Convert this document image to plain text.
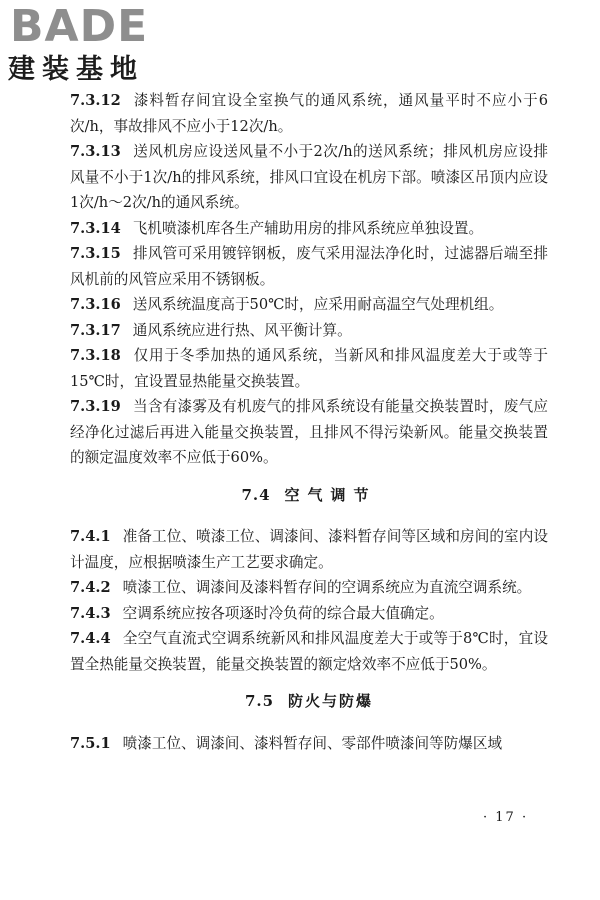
BADE
建装基地

7.3.12 漆料暂存间宜设全室换气的通风系统，通风量平时不应小于6次/h，事故排风不应小于12次/h。

7.3.13 送风机房应设送风量不小于2次/h的送风系统；排风机房应设排风量不小于1次/h的排风系统，排风口宜设在机房下部。喷漆区吊顶内应设1次/h～2次/h的通风系统。

7.3.14 飞机喷漆机库各生产辅助用房的排风系统应单独设置。

7.3.15 排风管可采用镀锌钢板，废气采用湿法净化时，过滤器后端至排风机前的风管应采用不锈钢板。

7.3.16 送风系统温度高于50℃时，应采用耐高温空气处理机组。

7.3.17 通风系统应进行热、风平衡计算。

7.3.18 仅用于冬季加热的通风系统，当新风和排风温度差大于或等于15℃时，宜设置显热能量交换装置。

7.3.19 当含有漆雾及有机废气的排风系统设有能量交换装置时，废气应经净化过滤后再进入能量交换装置，且排风不得污染新风。能量交换装置的额定温度效率不应低于60%。

7.4 空气调节

7.4.1 准备工位、喷漆工位、调漆间、漆料暂存间等区域和房间的室内设计温度，应根据喷漆生产工艺要求确定。

7.4.2 喷漆工位、调漆间及漆料暂存间的空调系统应为直流空调系统。

7.4.3 空调系统应按各项逐时冷负荷的综合最大值确定。

7.4.4 全空气直流式空调系统新风和排风温度差大于或等于8℃时，宜设置全热能量交换装置，能量交换装置的额定焓效率不应低于50%。

7.5 防火与防爆

7.5.1 喷漆工位、调漆间、漆料暂存间、零部件喷漆间等防爆区域

· 17 ·
